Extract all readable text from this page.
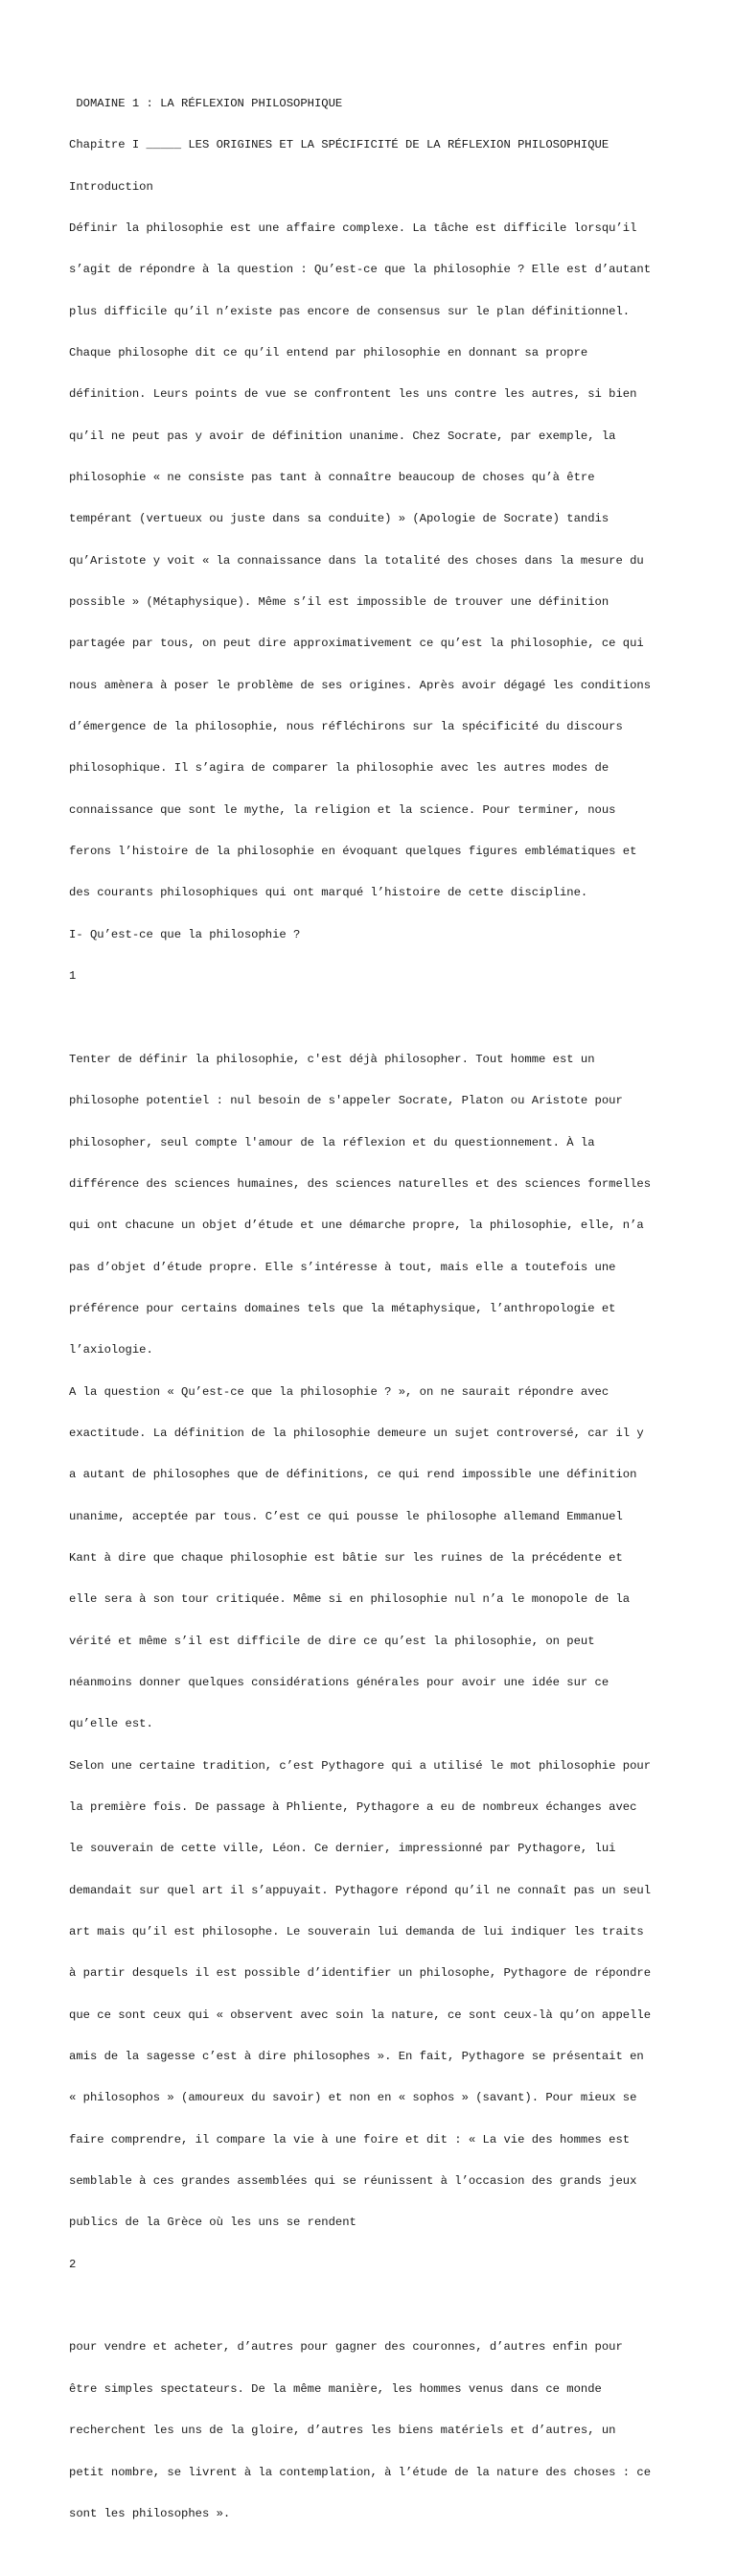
DOMAINE 1 : LA RÉFLEXION PHILOSOPHIQUE

Chapitre I _____ LES ORIGINES ET LA SPÉCIFICITÉ DE LA RÉFLEXION PHILOSOPHIQUE

Introduction

Définir la philosophie est une affaire complexe. La tâche est difficile lorsqu’il

s’agit de répondre à la question : Qu’est-ce que la philosophie ? Elle est d’autant

plus difficile qu’il n’existe pas encore de consensus sur le plan définitionnel.

Chaque philosophe dit ce qu’il entend par philosophie en donnant sa propre

définition. Leurs points de vue se confrontent les uns contre les autres, si bien

qu’il ne peut pas y avoir de définition unanime. Chez Socrate, par exemple, la

philosophie « ne consiste pas tant à connaître beaucoup de choses qu’à être

tempérant (vertueux ou juste dans sa conduite) » (Apologie de Socrate) tandis

qu’Aristote y voit « la connaissance dans la totalité des choses dans la mesure du

possible » (Métaphysique). Même s’il est impossible de trouver une définition

partagée par tous, on peut dire approximativement ce qu’est la philosophie, ce qui

nous amènera à poser le problème de ses origines. Après avoir dégagé les conditions

d’émergence de la philosophie, nous réfléchirons sur la spécificité du discours

philosophique. Il s’agira de comparer la philosophie avec les autres modes de

connaissance que sont le mythe, la religion et la science. Pour terminer, nous

ferons l’histoire de la philosophie en évoquant quelques figures emblématiques et

des courants philosophiques qui ont marqué l’histoire de cette discipline.

I- Qu’est-ce que la philosophie ?

1

Tenter de définir la philosophie, c'est déjà philosopher. Tout homme est un

philosophe potentiel : nul besoin de s'appeler Socrate, Platon ou Aristote pour

philosopher, seul compte l'amour de la réflexion et du questionnement. À la

différence des sciences humaines, des sciences naturelles et des sciences formelles

qui ont chacune un objet d’étude et une démarche propre, la philosophie, elle, n’a

pas d’objet d’étude propre. Elle s’intéresse à tout, mais elle a toutefois une

préférence pour certains domaines tels que la métaphysique, l’anthropologie et

l’axiologie.

A la question « Qu’est-ce que la philosophie ? », on ne saurait répondre avec

exactitude. La définition de la philosophie demeure un sujet controversé, car il y

a autant de philosophes que de définitions, ce qui rend impossible une définition

unanime, acceptée par tous. C’est ce qui pousse le philosophe allemand Emmanuel

Kant à dire que chaque philosophie est bâtie sur les ruines de la précédente et

elle sera à son tour critiquée. Même si en philosophie nul n’a le monopole de la

vérité et même s’il est difficile de dire ce qu’est la philosophie, on peut

néanmoins donner quelques considérations générales pour avoir une idée sur ce

qu’elle est.

Selon une certaine tradition, c’est Pythagore qui a utilisé le mot philosophie pour

la première fois. De passage à Phliente, Pythagore a eu de nombreux échanges avec

le souverain de cette ville, Léon. Ce dernier, impressionné par Pythagore, lui

demandait sur quel art il s’appuyait. Pythagore répond qu’il ne connaît pas un seul

art mais qu’il est philosophe. Le souverain lui demanda de lui indiquer les traits

à partir desquels il est possible d’identifier un philosophe, Pythagore de répondre

que ce sont ceux qui « observent avec soin la nature, ce sont ceux-là qu’on appelle

amis de la sagesse c’est à dire philosophes ». En fait, Pythagore se présentait en

« philosophos » (amoureux du savoir) et non en « sophos » (savant). Pour mieux se

faire comprendre, il compare la vie à une foire et dit : « La vie des hommes est

semblable à ces grandes assemblées qui se réunissent à l’occasion des grands jeux

publics de la Grèce où les uns se rendent

2

pour vendre et acheter, d’autres pour gagner des couronnes, d’autres enfin pour

être simples spectateurs. De la même manière, les hommes venus dans ce monde

recherchent les uns de la gloire, d’autres les biens matériels et d’autres, un

petit nombre, se livrent à la contemplation, à l’étude de la nature des choses : ce

sont les philosophes ».
